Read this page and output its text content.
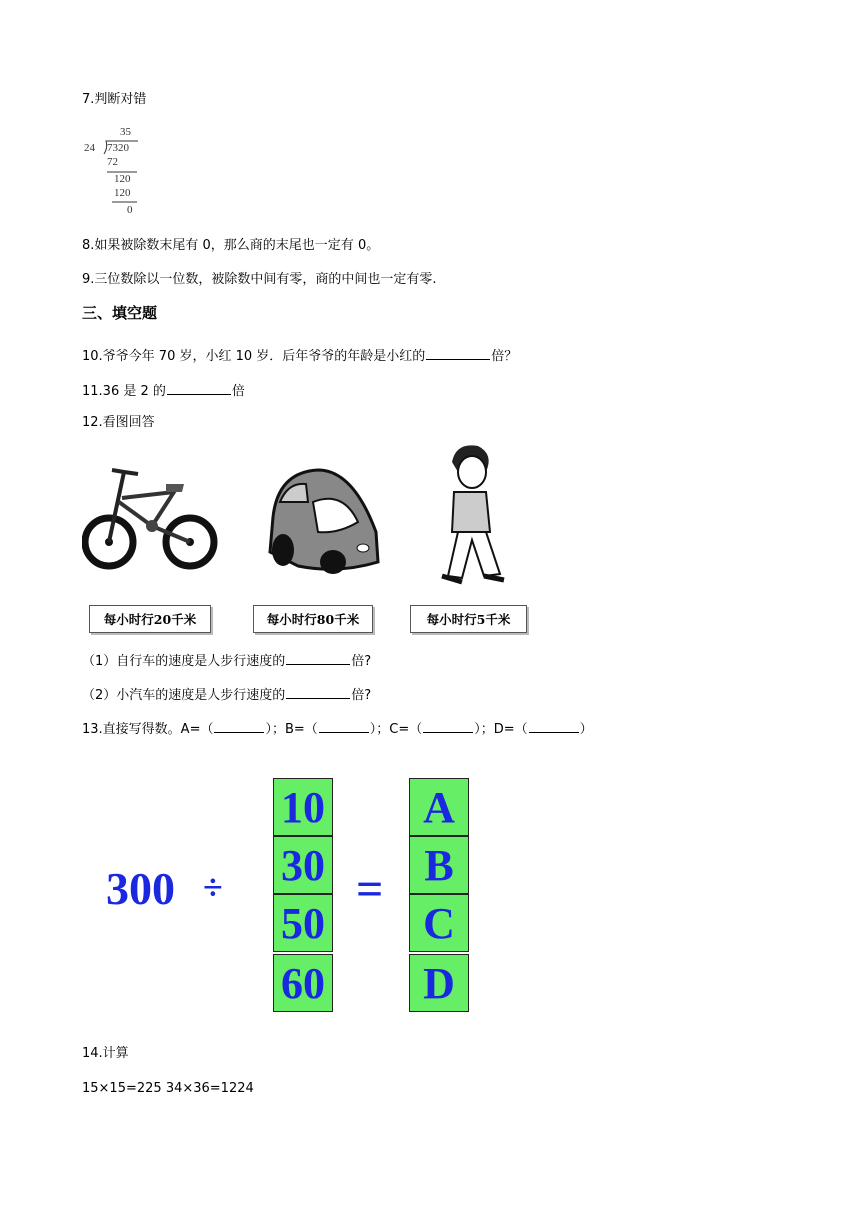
7.判断对错
35
24 7320
72
120
120
0
8.如果被除数末尾有 0，那么商的末尾也一定有 0。
9.三位数除以一位数，被除数中间有零，商的中间也一定有零.
三、填空题
10.爷爷今年 70 岁，小红 10 岁．后年爷爷的年龄是小红的	倍？
11.36 是 2 的	倍
12.看图回答
每小时行20千米	每小时行80千米	每小时行5千米
（1）自行车的速度是人步行速度的	倍?
（2）小汽车的速度是人步行速度的	倍?
13.直接写得数。A=（	）；B=（	）；C=（	）；D=（	）
300 ÷	=
10
30
50
60
A
B
C
D
14.计算
15×15=225 34×36=1224
